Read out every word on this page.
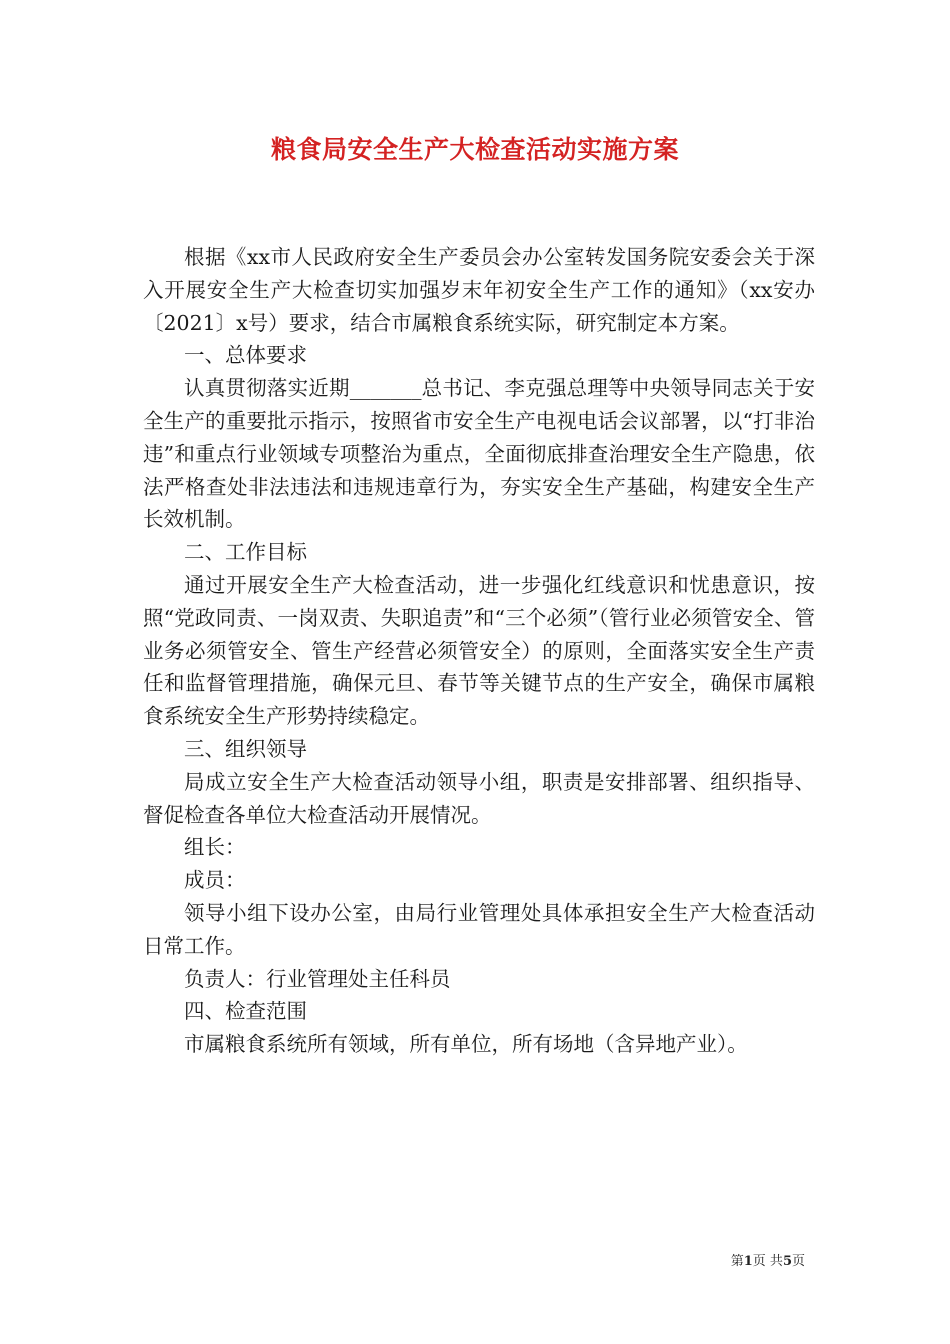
粮食局安全生产大检查活动实施方案

根据《xx市人民政府安全生产委员会办公室转发国务院安委会关于深入开展安全生产大检查切实加强岁末年初安全生产工作的通知》（xx安办〔2021〕x号）要求，结合市属粮食系统实际，研究制定本方案。

一、总体要求

认真贯彻落实近期_______总书记、李克强总理等中央领导同志关于安全生产的重要批示指示，按照省市安全生产电视电话会议部署，以“打非治违”和重点行业领域专项整治为重点，全面彻底排查治理安全生产隐患，依法严格查处非法违法和违规违章行为，夯实安全生产基础，构建安全生产长效机制。

二、工作目标

通过开展安全生产大检查活动，进一步强化红线意识和忧患意识，按照“党政同责、一岗双责、失职追责”和“三个必须”（管行业必须管安全、管业务必须管安全、管生产经营必须管安全）的原则，全面落实安全生产责任和监督管理措施，确保元旦、春节等关键节点的生产安全，确保市属粮食系统安全生产形势持续稳定。

三、组织领导

局成立安全生产大检查活动领导小组，职责是安排部署、组织指导、督促检查各单位大检查活动开展情况。

组长：

成员：

领导小组下设办公室，由局行业管理处具体承担安全生产大检查活动日常工作。

负责人：行业管理处主任科员

四、检查范围

市属粮食系统所有领域，所有单位，所有场地（含异地产业）。

第1页 共5页
